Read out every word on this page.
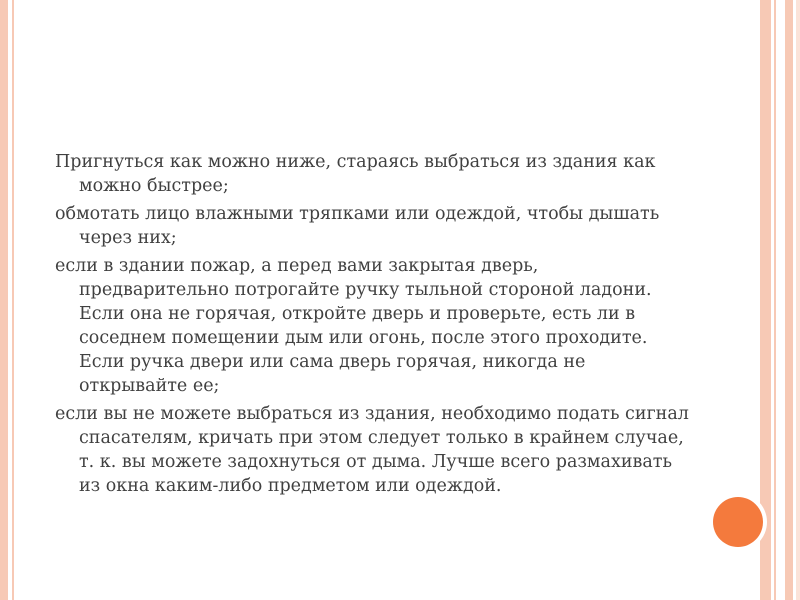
Пригнуться как можно ниже, стараясь выбраться из здания как можно быстрее;

обмотать лицо влажными тряпками или одеждой, чтобы дышать через них;

если в здании пожар, а перед вами закрытая дверь, предварительно потрогайте ручку тыльной стороной ладони. Если она не горячая, откройте дверь и проверьте, есть ли в соседнем помещении дым или огонь, после этого проходите. Если ручка двери или сама дверь горячая, никогда не открывайте ее;

если вы не можете выбраться из здания, необходимо подать сигнал спасателям, кричать при этом следует только в крайнем случае, т. к. вы можете задохнуться от дыма. Лучше всего размахивать из окна каким-либо предметом или одеждой.
